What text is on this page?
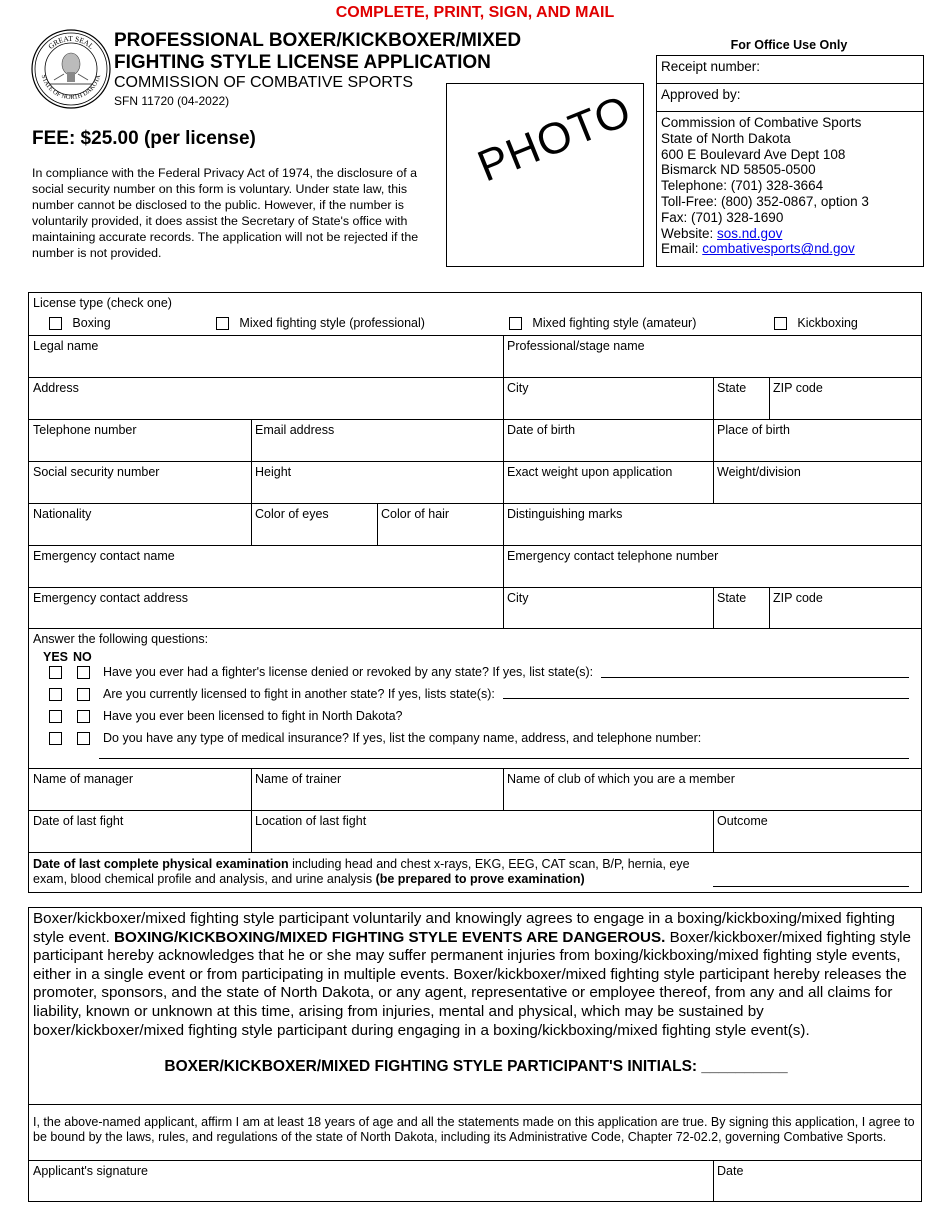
COMPLETE, PRINT, SIGN, AND MAIL
GREAT SEAL
STATE OF NORTH DAKOTA
PROFESSIONAL BOXER/KICKBOXER/MIXED
FIGHTING STYLE LICENSE APPLICATION
COMMISSION OF COMBATIVE SPORTS
SFN 11720 (04-2022)
FEE: $25.00 (per license)
In compliance with the Federal Privacy Act of 1974, the disclosure of a social security number on this form is voluntary. Under state law, this number cannot be disclosed to the public. However, if the number is voluntarily provided, it does assist the Secretary of State's office with maintaining accurate records. The application will not be rejected if the number is not provided.
PHOTO
For Office Use Only
Receipt number:
Approved by:
Commission of Combative Sports
State of North Dakota
600 E Boulevard Ave Dept 108
Bismarck ND 58505-0500
Telephone: (701) 328-3664
Toll-Free: (800) 352-0867, option 3
Fax: (701) 328-1690
Website: sos.nd.gov
Email: combativesports@nd.gov
License type (check one)
Boxing	Mixed fighting style (professional)	Mixed fighting style (amateur)	Kickboxing
Legal name	Professional/stage name
Address	City	State	ZIP code
Telephone number	Email address	Date of birth	Place of birth
Social security number	Height	Exact weight upon application	Weight/division
Nationality	Color of eyes	Color of hair	Distinguishing marks
Emergency contact name	Emergency contact telephone number
Emergency contact address	City	State	ZIP code
Answer the following questions:
YES NO
Have you ever had a fighter's license denied or revoked by any state? If yes, list state(s):
Are you currently licensed to fight in another state? If yes, lists state(s):
Have you ever been licensed to fight in North Dakota?
Do you have any type of medical insurance? If yes, list the company name, address, and telephone number:
Name of manager	Name of trainer	Name of club of which you are a member
Date of last fight	Location of last fight	Outcome
Date of last complete physical examination including head and chest x-rays, EKG, EEG, CAT scan, B/P, hernia, eye exam, blood chemical profile and analysis, and urine analysis (be prepared to prove examination)
Boxer/kickboxer/mixed fighting style participant voluntarily and knowingly agrees to engage in a boxing/kickboxing/mixed fighting style event. BOXING/KICKBOXING/MIXED FIGHTING STYLE EVENTS ARE DANGEROUS. Boxer/kickboxer/mixed fighting style participant hereby acknowledges that he or she may suffer permanent injuries from boxing/kickboxing/mixed fighting style events, either in a single event or from participating in multiple events. Boxer/kickboxer/mixed fighting style participant hereby releases the promoter, sponsors, and the state of North Dakota, or any agent, representative or employee thereof, from any and all claims for liability, known or unknown at this time, arising from injuries, mental and physical, which may be sustained by boxer/kickboxer/mixed fighting style participant during engaging in a boxing/kickboxing/mixed fighting style event(s).
BOXER/KICKBOXER/MIXED FIGHTING STYLE PARTICIPANT'S INITIALS: __________
I, the above-named applicant, affirm I am at least 18 years of age and all the statements made on this application are true. By signing this application, I agree to be bound by the laws, rules, and regulations of the state of North Dakota, including its Administrative Code, Chapter 72-02.2, governing Combative Sports.
Applicant's signature	Date
